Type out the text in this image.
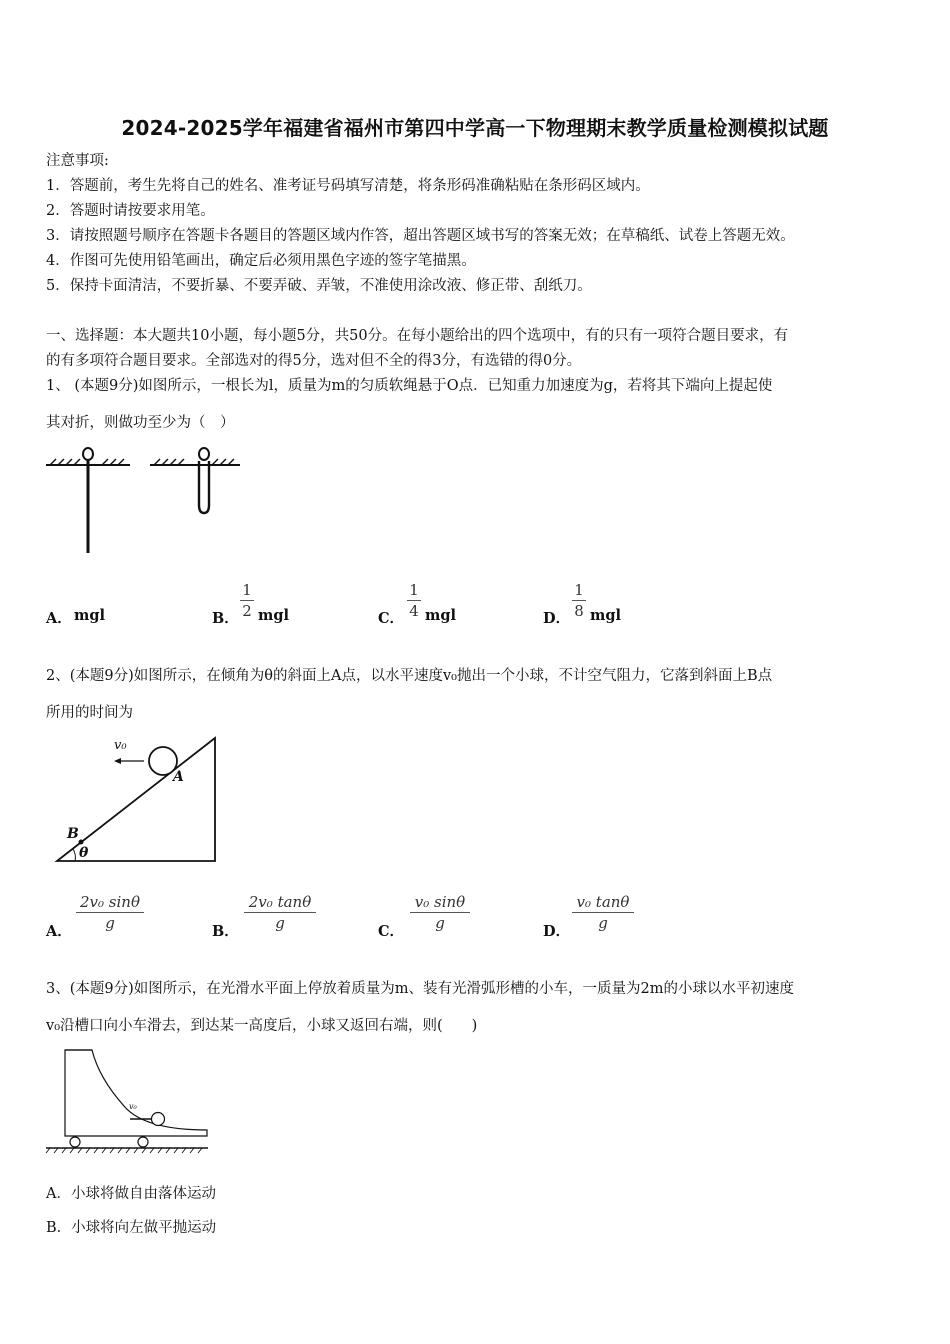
2024-2025学年福建省福州市第四中学高一下物理期末教学质量检测模拟试题
注意事项:
1．答题前，考生先将自己的姓名、准考证号码填写清楚，将条形码准确粘贴在条形码区域内。
2．答题时请按要求用笔。
3．请按照题号顺序在答题卡各题目的答题区域内作答，超出答题区域书写的答案无效；在草稿纸、试卷上答题无效。
4．作图可先使用铅笔画出，确定后必须用黑色字迹的签字笔描黑。
5．保持卡面清洁，不要折暴、不要弄破、弄皱，不准使用涂改液、修正带、刮纸刀。
一、选择题：本大题共10小题，每小题5分，共50分。在每小题给出的四个选项中，有的只有一项符合题目要求，有
的有多项符合题目要求。全部选对的得5分，选对但不全的得3分，有选错的得0分。
1、 (本题9分)如图所示，一根长为l，质量为m的匀质软绳悬于O点．已知重力加速度为g，若将其下端向上提起使
其对折，则做功至少为（　）
A． mgl	B．
1
2 mgl	C．
1
4 mgl	D．
1
8 mgl
2、(本题9分)如图所示，在倾角为θ的斜面上A点，以水平速度v₀抛出一个小球，不计空气阻力，它落到斜面上B点
所用的时间为
v₀
A
B
θ
A．
2v₀ sinθ
g	B．
2v₀ tanθ
g	C．
v₀ sinθ
g	D．
v₀ tanθ
g
3、(本题9分)如图所示，在光滑水平面上停放着质量为m、装有光滑弧形槽的小车，一质量为2m的小球以水平初速度
v₀沿槽口向小车滑去，到达某一高度后，小球又返回右端，则(　　)
v₀
A．小球将做自由落体运动
B．小球将向左做平抛运动
